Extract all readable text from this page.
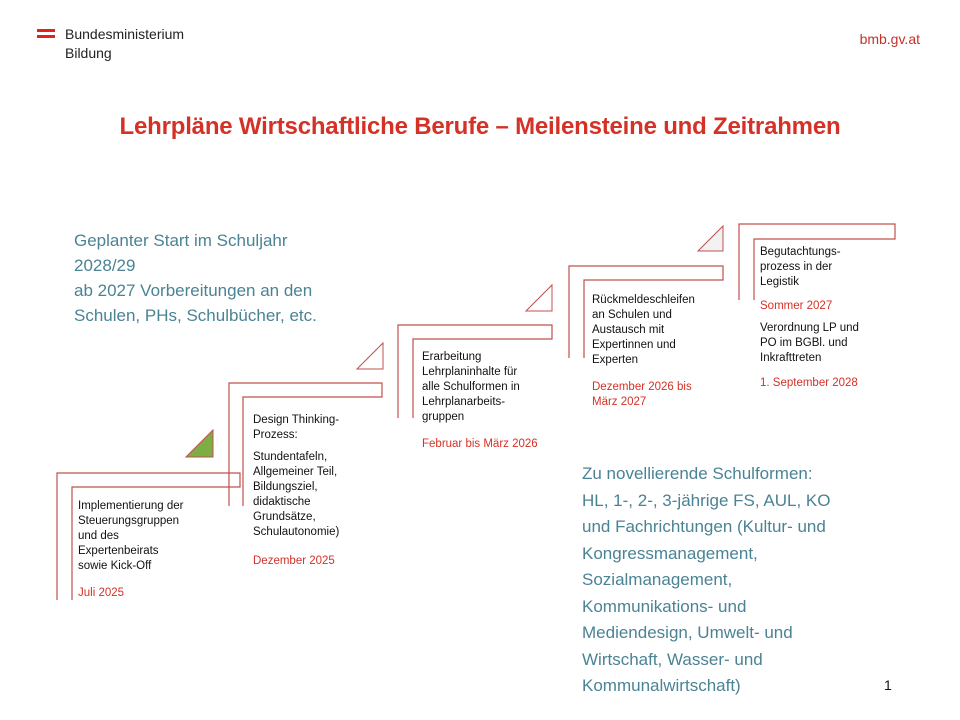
Bundesministerium
Bildung
bmb.gv.at
Lehrpläne Wirtschaftliche Berufe – Meilensteine und Zeitrahmen
Geplanter Start im Schuljahr
2028/29
ab 2027 Vorbereitungen an den
Schulen, PHs, Schulbücher, etc.

Implementierung der

Steuerungsgruppen

und des

Expertenbeirats

sowie Kick-Off

Juli 2025

Design Thinking-

Prozess:

Stundentafeln,

Allgemeiner Teil,

Bildungsziel,

didaktische

Grundsätze,

Schulautonomie)

Dezember 2025

Erarbeitung

Lehrplaninhalte für

alle Schulformen in

Lehrplanarbeits-

gruppen

Februar bis März 2026

Rückmeldeschleifen

an Schulen und

Austausch mit

Expertinnen und

Experten

Dezember 2026 bis März 2027

Begutachtungs-

prozess in der

Legistik

Sommer 2027

Verordnung LP und

PO im BGBl. und

Inkrafttreten

1. September 2028
Zu novellierende Schulformen:
HL, 1-, 2-, 3-jährige FS, AUL, KO
und Fachrichtungen (Kultur- und
Kongressmanagement,
Sozialmanagement,
Kommunikations- und
Mediendesign, Umwelt- und
Wirtschaft, Wasser- und
Kommunalwirtschaft)	1
